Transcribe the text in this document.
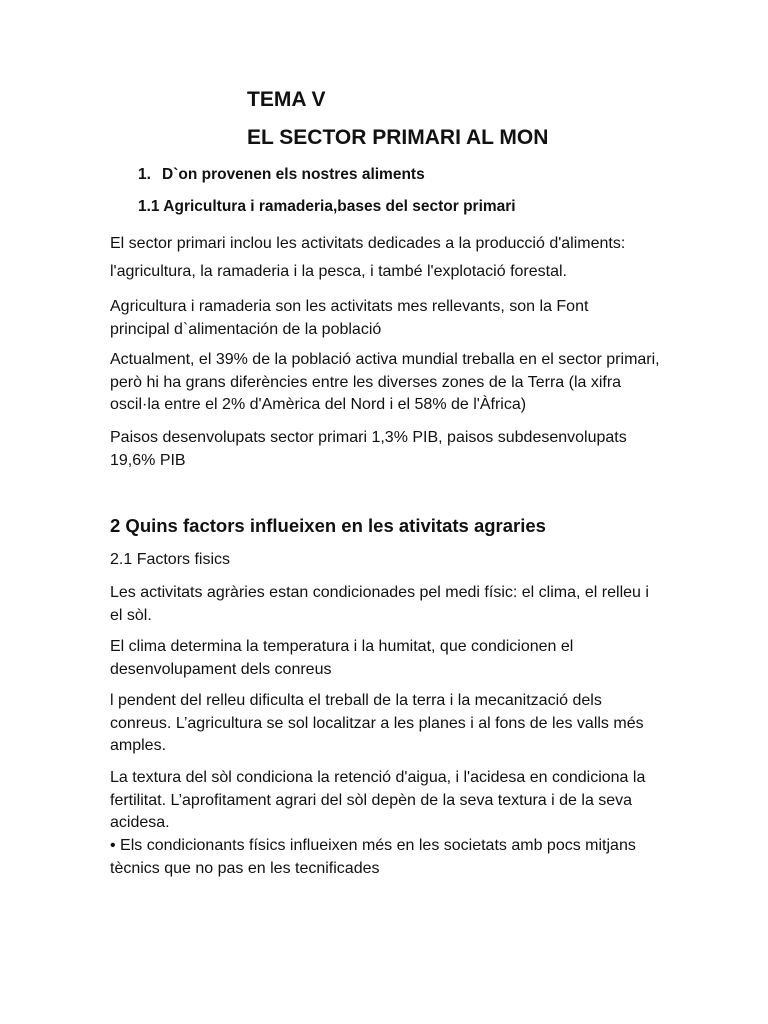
TEMA V
EL SECTOR PRIMARI AL MON
1. D`on provenen els nostres aliments
1.1 Agricultura i ramaderia,bases del sector primari

El sector primari inclou les activitats dedicades a la producció d'aliments:

l'agricultura, la ramaderia i la pesca, i també l'explotació forestal.

Agricultura i ramaderia son les activitats mes rellevants, son la Font principal d`alimentación de la població

Actualment, el 39% de la població activa mundial treballa en el sector primari, però hi ha grans diferències entre les diverses zones de la Terra (la xifra oscil·la entre el 2% d'Amèrica del Nord i el 58% de l'Àfrica)

Paisos desenvolupats sector primari 1,3% PIB, paisos subdesenvolupats 19,6% PIB

2 Quins factors influeixen en les ativitats agraries

2.1 Factors fisics

Les activitats agràries estan condicionades pel medi físic: el clima, el relleu i el sòl.

El clima determina la temperatura i la humitat, que condicionen el desenvolupament dels conreus

l pendent del relleu dificulta el treball de la terra i la mecanització dels conreus. L’agricultura se sol localitzar a les planes i al fons de les valls més amples.

La textura del sòl condiciona la retenció d'aigua, i l'acidesa en condiciona la fertilitat. L’aprofitament agrari del sòl depèn de la seva textura i de la seva acidesa.

• Els condicionants físics influeixen més en les societats amb pocs mitjans tècnics que no pas en les tecnificades
